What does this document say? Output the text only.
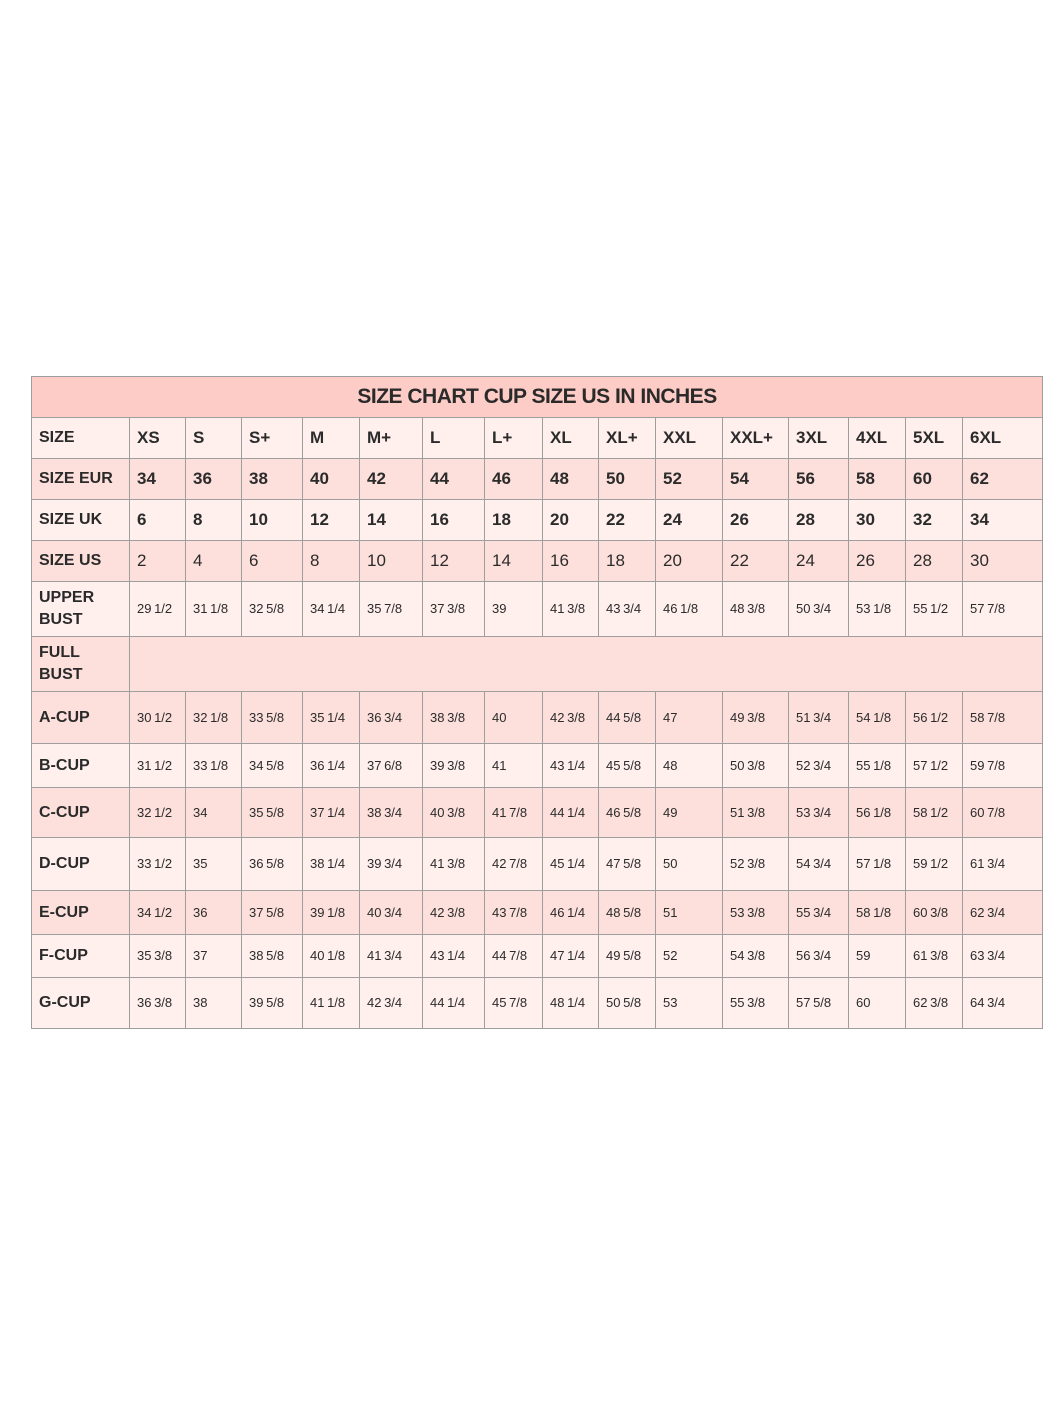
SIZE CHART CUP SIZE US IN INCHES															
SIZE	XS	S	S+	M	M+	L	L+	XL	XL+	XXL	XXL+	3XL	4XL	5XL	6XL
SIZE EUR	34	36	38	40	42	44	46	48	50	52	54	56	58	60	62
SIZE UK	6	8	10	12	14	16	18	20	22	24	26	28	30	32	34
SIZE US	2	4	6	8	10	12	14	16	18	20	22	24	26	28	30

UPPER
BUST	29 1/2	31 1/8	32 5/8	34 1/4	35 7/8	37 3/8	39	41 3/8	43 3/4	46 1/8	48 3/8	50 3/4	53 1/8	55 1/2	57 7/8

FULL
BUST															

A-CUP	30 1/2	32 1/8	33 5/8	35 1/4	36 3/4	38 3/8	40	42 3/8	44 5/8	47	49 3/8	51 3/4	54 1/8	56 1/2	58 7/8
B-CUP	31 1/2	33 1/8	34 5/8	36 1/4	37 6/8	39 3/8	41	43 1/4	45 5/8	48	50 3/8	52 3/4	55 1/8	57 1/2	59 7/8
C-CUP	32 1/2	34	35 5/8	37 1/4	38 3/4	40 3/8	41 7/8	44 1/4	46 5/8	49	51 3/8	53 3/4	56 1/8	58 1/2	60 7/8
D-CUP	33 1/2	35	36 5/8	38 1/4	39 3/4	41 3/8	42 7/8	45 1/4	47 5/8	50	52 3/8	54 3/4	57 1/8	59 1/2	61 3/4
E-CUP	34 1/2	36	37 5/8	39 1/8	40 3/4	42 3/8	43 7/8	46 1/4	48 5/8	51	53 3/8	55 3/4	58 1/8	60 3/8	62 3/4
F-CUP	35 3/8	37	38 5/8	40 1/8	41 3/4	43 1/4	44 7/8	47 1/4	49 5/8	52	54 3/8	56 3/4	59	61 3/8	63 3/4
G-CUP	36 3/8	38	39 5/8	41 1/8	42 3/4	44 1/4	45 7/8	48 1/4	50 5/8	53	55 3/8	57 5/8	60	62 3/8	64 3/4
